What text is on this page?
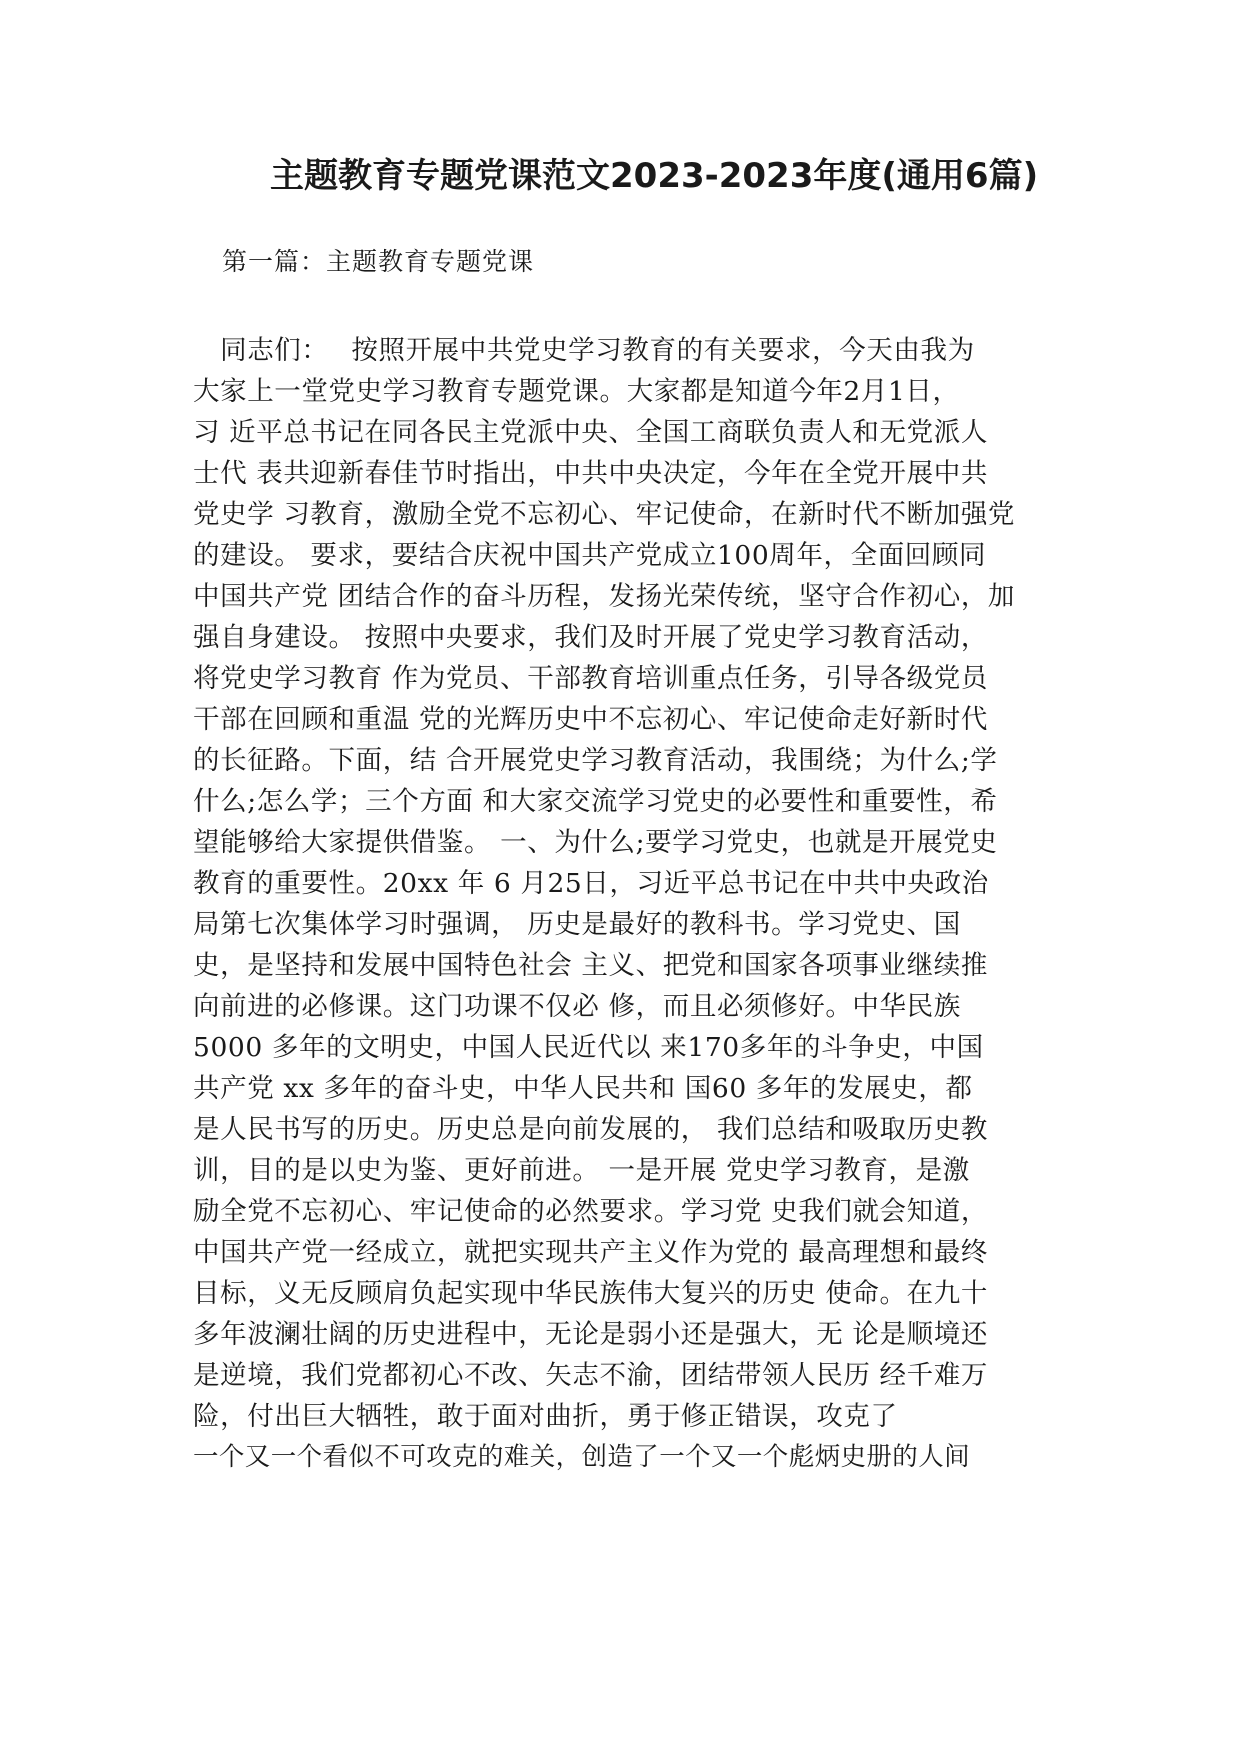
主题教育专题党课范文2023-2023年度(通用6篇)
第一篇：主题教育专题党课
　同志们：　 按照开展中共党史学习教育的有关要求，今天由我为
大家上一堂党史学习教育专题党课。大家都是知道今年2月1日，
习 近平总书记在同各民主党派中央、全国工商联负责人和无党派人
士代 表共迎新春佳节时指出，中共中央决定，今年在全党开展中共
党史学 习教育，激励全党不忘初心、牢记使命，在新时代不断加强党
的建设。 要求，要结合庆祝中国共产党成立100周年，全面回顾同
中国共产党 团结合作的奋斗历程，发扬光荣传统，坚守合作初心，加
强自身建设。 按照中央要求，我们及时开展了党史学习教育活动，
将党史学习教育 作为党员、干部教育培训重点任务，引导各级党员
干部在回顾和重温 党的光辉历史中不忘初心、牢记使命走好新时代
的长征路。下面，结 合开展党史学习教育活动，我围绕；为什么;学
什么;怎么学；三个方面 和大家交流学习党史的必要性和重要性，希
望能够给大家提供借鉴。 一、为什么;要学习党史，也就是开展党史
教育的重要性。20xx 年 6 月25日，习近平总书记在中共中央政治
局第七次集体学习时强调， 历史是最好的教科书。学习党史、国
史，是坚持和发展中国特色社会 主义、把党和国家各项事业继续推
向前进的必修课。这门功课不仅必 修，而且必须修好。中华民族
5000 多年的文明史，中国人民近代以 来170多年的斗争史，中国
共产党 xx 多年的奋斗史，中华人民共和 国60 多年的发展史，都
是人民书写的历史。历史总是向前发展的， 我们总结和吸取历史教
训，目的是以史为鉴、更好前进。 一是开展 党史学习教育，是激
励全党不忘初心、牢记使命的必然要求。学习党 史我们就会知道，
中国共产党一经成立，就把实现共产主义作为党的 最高理想和最终
目标，义无反顾肩负起实现中华民族伟大复兴的历史 使命。在九十
多年波澜壮阔的历史进程中，无论是弱小还是强大，无 论是顺境还
是逆境，我们党都初心不改、矢志不渝，团结带领人民历 经千难万
险，付出巨大牺牲，敢于面对曲折，勇于修正错误，攻克了
一个又一个看似不可攻克的难关，创造了一个又一个彪炳史册的人间
